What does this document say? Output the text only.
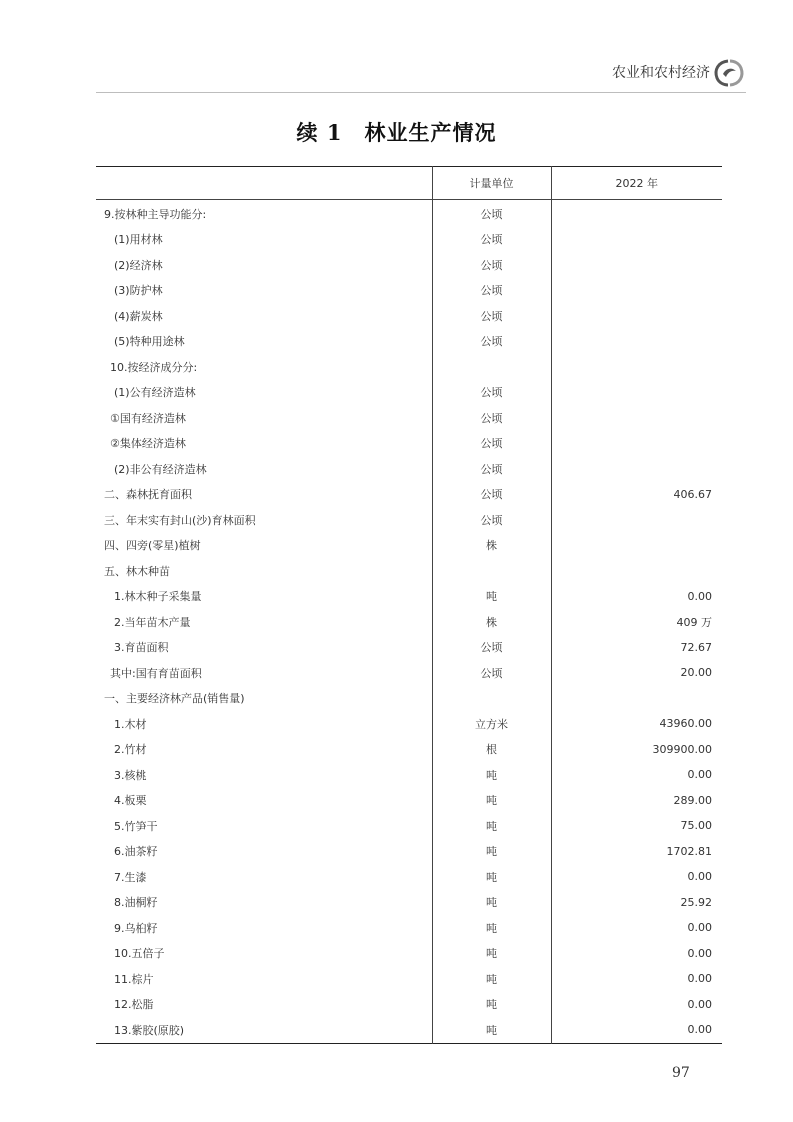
农业和农村经济
续 1 林业生产情况
	计量单位	2022 年
9.按林种主导功能分:	公顷	
(1)用材林	公顷	
(2)经济林	公顷	
(3)防护林	公顷	
(4)薪炭林	公顷	
(5)特种用途林	公顷	
10.按经济成分分:		
(1)公有经济造林	公顷	
①国有经济造林	公顷	
②集体经济造林	公顷	
(2)非公有经济造林	公顷	
二、森林抚育面积	公顷	406.67
三、年末实有封山(沙)育林面积	公顷	
四、四旁(零星)植树	株	
五、林木种苗		
1.林木种子采集量	吨	0.00
2.当年苗木产量	株	409 万
3.育苗面积	公顷	72.67
其中:国有育苗面积	公顷	20.00
一、主要经济林产品(销售量)		
1.木材	立方米	43960.00
2.竹材	根	309900.00
3.核桃	吨	0.00
4.板栗	吨	289.00
5.竹笋干	吨	75.00
6.油茶籽	吨	1702.81
7.生漆	吨	0.00
8.油桐籽	吨	25.92
9.乌桕籽	吨	0.00
10.五倍子	吨	0.00
11.棕片	吨	0.00
12.松脂	吨	0.00
13.紫胶(原胶)	吨	0.00
97
